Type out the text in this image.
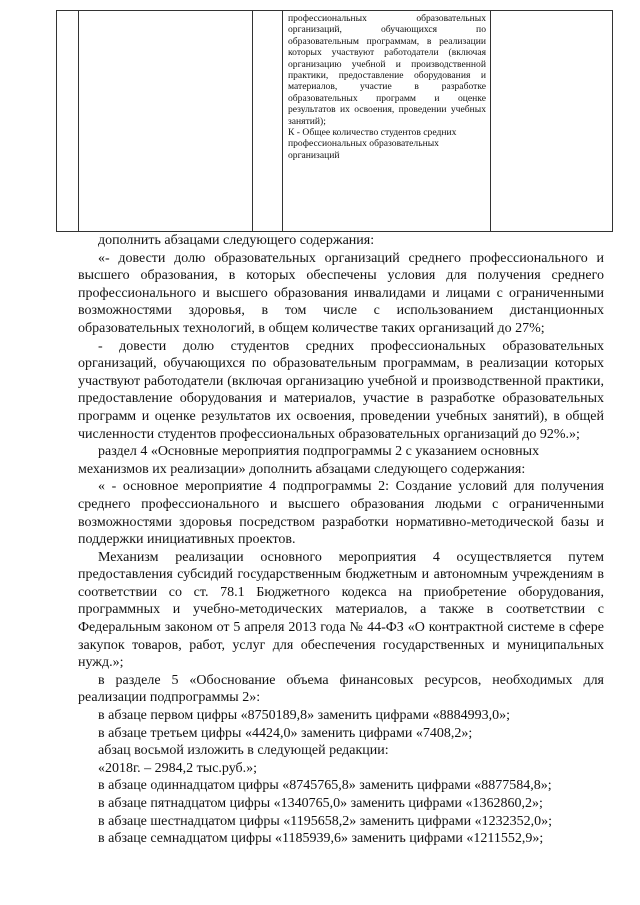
профессиональных образовательных организаций, обучающихся по образовательным программам, в реализации которых участвуют работодатели (включая организацию учебной и производственной практики, предоставление оборудования и материалов, участие в разработке образовательных программ и оценке результатов их освоения, проведении учебных занятий);

К - Общее количество студентов средних профессиональных образовательных организаций

дополнить абзацами следующего содержания:

«- довести долю образовательных организаций среднего профессионального и высшего образования, в которых обеспечены условия для получения среднего профессионального и высшего образования инвалидами и лицами с ограниченными возможностями здоровья, в том числе с использованием дистанционных образовательных технологий, в общем количестве таких организаций до 27%;

- довести долю студентов средних профессиональных образовательных организаций, обучающихся по образовательным программам, в реализации которых участвуют работодатели (включая организацию учебной и производственной практики, предоставление оборудования и материалов, участие в разработке образовательных программ и оценке результатов их освоения, проведении учебных занятий), в общей численности студентов профессиональных образовательных организаций до 92%.»;

раздел 4 «Основные мероприятия подпрограммы 2 с указанием основных механизмов их реализации» дополнить абзацами следующего содержания:

« - основное мероприятие 4 подпрограммы 2: Создание условий для получения среднего профессионального и высшего образования людьми с ограниченными возможностями здоровья посредством разработки нормативно-методической базы и поддержки инициативных проектов.

Механизм реализации основного мероприятия 4 осуществляется путем предоставления субсидий государственным бюджетным и автономным учреждениям в соответствии со ст. 78.1 Бюджетного кодекса на приобретение оборудования, программных и учебно-методических материалов, а также в соответствии с Федеральным законом от 5 апреля 2013 года № 44-ФЗ «О контрактной системе в сфере закупок товаров, работ, услуг для обеспечения государственных и муниципальных нужд.»;

в разделе 5 «Обоснование объема финансовых ресурсов, необходимых для реализации подпрограммы 2»:

в абзаце первом цифры «8750189,8» заменить цифрами «8884993,0»;

в абзаце третьем цифры «4424,0» заменить цифрами «7408,2»;

абзац восьмой изложить в следующей редакции:

«2018г. – 2984,2 тыс.руб.»;

в абзаце одиннадцатом цифры «8745765,8» заменить цифрами «8877584,8»;

в абзаце пятнадцатом цифры «1340765,0» заменить цифрами «1362860,2»;

в абзаце шестнадцатом цифры «1195658,2» заменить цифрами «1232352,0»;

в абзаце семнадцатом цифры «1185939,6» заменить цифрами «1211552,9»;
